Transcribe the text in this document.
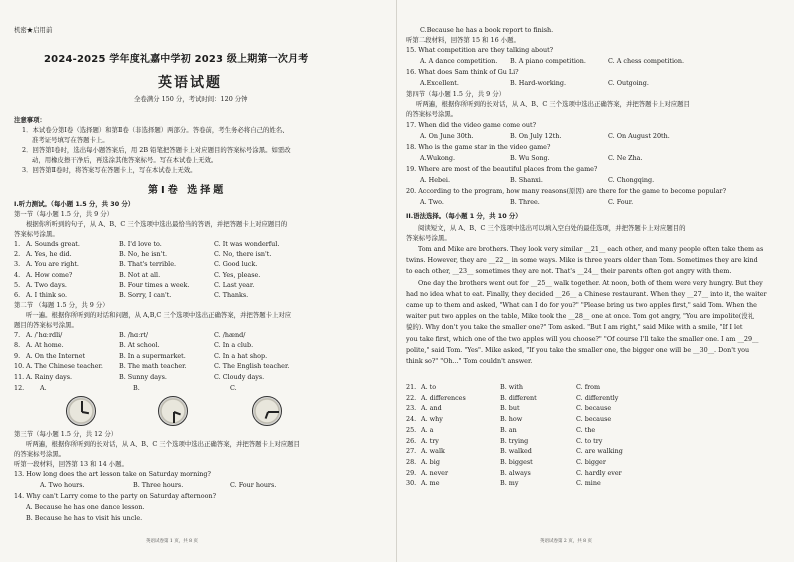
机密★启用前
2024-2025 学年度礼嘉中学初 2023 级上期第一次月考
英语试题
全卷满分 150 分，考试时间：120 分钟
注意事项：
1．本试卷分第Ⅰ卷（选择题）和第Ⅱ卷（非选择题）两部分。答卷前，考生务必将自己的姓名、
准考证号填写在答题卡上。
2．回答第Ⅰ卷时，选出每小题答案后，用 2B 铅笔把答题卡上对应题目的答案标号涂黑。如需改
动，用橡皮擦干净后，再选涂其他答案标号。写在本试卷上无效。
3．回答第Ⅱ卷时，将答案写在答题卡上，写在本试卷上无效。
第Ⅰ卷 选择题
I.听力测试。（每小题 1.5 分，共 30 分）
第一节（每小题 1.5 分，共 9 分）
根据你所听到的句子，从 A、B、C 三个选项中选出最恰当的答语，并把答题卡上对应题目的
答案标号涂黑。
1. A. Sounds great.	B. I'd love to.	C. It was wonderful.
2. A. Yes, he did.	B. No, he isn't.	C. No, there isn't.
3. A. You are right.	B. That's terrible.	C. Good luck.
4. A. How come?	B. Not at all.	C. Yes, please.
5. A. Two days.	B. Four times a week.	C. Last year.
6. A. I think so.	B. Sorry, I can't.	C. Thanks.
第二节 （每题 1.5 分，共 9 分）
听一遍。根据你所听到的对话和问题，从 A,B,C 三个选项中选出正确答案，并把答题卡上对应
题目的答案标号涂黑。
7. A. /ˈhɑːrdli/	B. /hɑːrt/	C. /hænd/
8. A. At home.	B. At school.	C. In a club.
9. A. On the Internet	B. In a supermarket.	C. In a hat shop.
10. A. The Chinese teacher.	B. The math teacher.	C. The English teacher.
11. A. Rainy days.	B. Sunny days.	C. Cloudy days.
12. A.	B.	C.
第三节（每小题 1.5 分，共 12 分）
听两遍，根据你所听到的长对话，从 A、B、C 三个选项中选出正确答案，并把答题卡上对应题目
的答案标号涂黑。
听第一段材料，回答第 13 和 14 小题。
13. How long does the art lesson take on Saturday morning?
A. Two hours.	B. Three hours.	C. Four hours.
14. Why can't Larry come to the party on Saturday afternoon?
A. Because he has one dance lesson.
B. Because he has to visit his uncle.
英语试卷第 1 页，共 8 页
C.Because he has a book report to finish.
听第二段材料，回答第 15 和 16 小题。
15. What competition are they talking about?
A. A dance competition. B. A piano competition.	C. A chess competition.
16. What does Sam think of Gu Li?
A.Excellent.	B. Hard-working.	C. Outgoing.
第四节（每小题 1.5 分，共 9 分）
听两遍，根据你所听到的长对话，从 A、B、C 三个选项中选出正确答案，并把答题卡上对应题目
的答案标号涂黑。
17. When did the video game come out?
A. On June 30th.	B. On July 12th.	C. On August 20th.
18. Who is the game star in the video game?
A.Wukong.	B. Wu Song.	C. Ne Zha.
19. Where are most of the beautiful places from the game?
A. Hebei.	B. Shanxi.	C. Chongqing.
20. According to the program, how many reasons(原因) are there for the game to become popular?
A. Two.	B. Three.	C. Four.
II.语法选择。（每小题 1 分，共 10 分）
阅读短文，从 A、B、C 三个选项中选出可以填入空白处的最佳选项，并把答题卡上对应题目的
答案标号涂黑。
Tom and Mike are brothers. They look very similar __21__ each other, and many people often take them as
twins. However, they are __22__ in some ways. Mike is three years older than Tom. Sometimes they are kind
to each other, __23__ sometimes they are not. That's __24__ their parents often got angry with them.
One day the brothers went out for __25__ walk together. At noon, both of them were very hungry. But they
had no idea what to eat. Finally, they decided __26__ a Chinese restaurant. When they __27__ into it, the waiter
came up to them and asked, "What can I do for you?" "Please bring us two apples first," said Tom. When the
waiter put two apples on the table, Mike took the __28__ one at once. Tom got angry, "You are impolite(没礼
貌的). Why don't you take the smaller one?" Tom asked. "But I am right," said Mike with a smile, "If I let
you take first, which one of the two apples will you choose?" "Of course I'll take the smaller one. I am __29__
polite," said Tom. "Yes". Mike asked, "If you take the smaller one, the bigger one will be __30__. Don't you
think so?" "Oh..." Tom couldn't answer.
21. A. to	B. with	C. from
22. A. differences	B. different	C. differently
23. A. and	B. but	C. because
24. A. why	B. how	C. because
25. A. a	B. an	C. the
26. A. try	B. trying	C. to try
27. A. walk	B. walked	C. are walking
28. A. big	B. biggest	C. bigger
29. A. never	B. always	C. hardly ever
30. A. me	B. my	C. mine
英语试卷第 2 页，共 8 页
